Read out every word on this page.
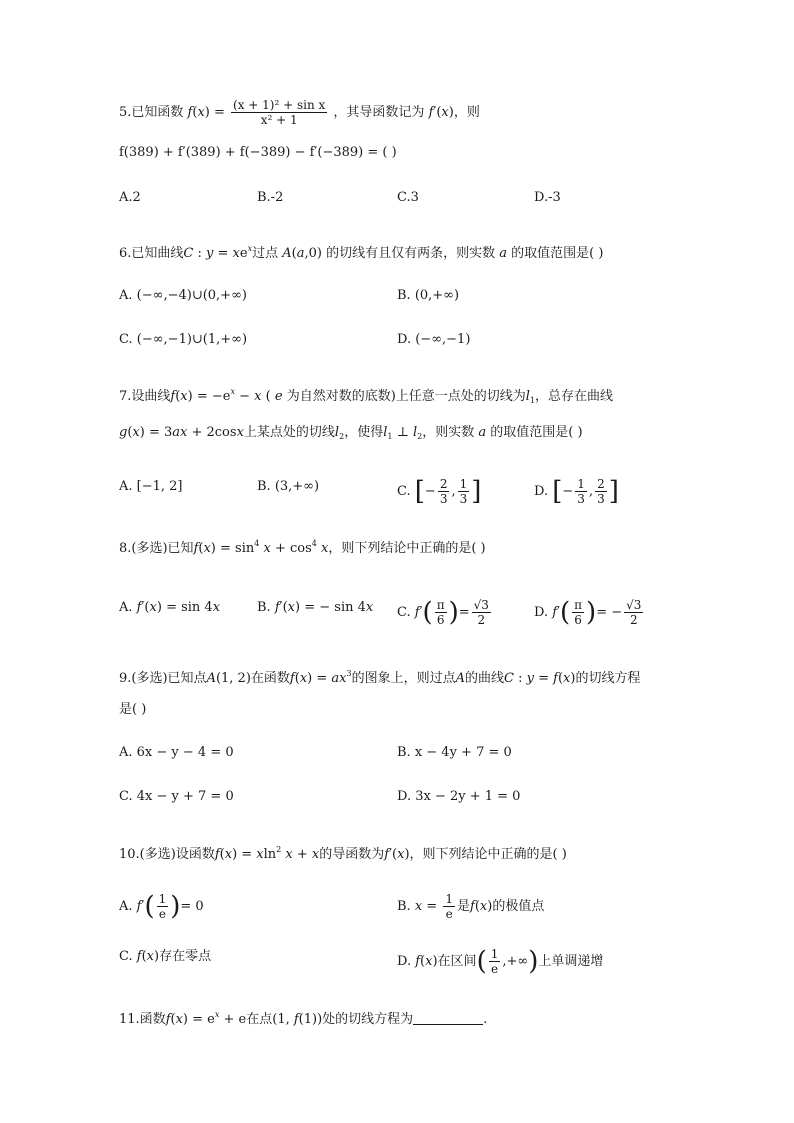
5.已知函数 $f(x) = \frac{\text{(x + 1)² + sin x}}{\text{x² + 1}}$ ，其导函数记为 f′(x)，则
f(389) + f′(389) + f(−389) − f′(−389) = ( )
A.2	B.-2	C.3	D.-3
6.已知曲线C : $y = xe^x$过点 A(a,0) 的切线有且仅有两条，则实数 a 的取值范围是( )
A. (−∞,−4)∪(0,+∞)	B. (0,+∞)
C. (−∞,−1)∪(1,+∞)	D. (−∞,−1)
7.设曲线$f(x) = -e^x - x$ ( e 为自然对数的底数)上任意一点处的切线为$l_1$，总存在曲线
g(x) = 3ax + 2cosx上某点处的切线$l_2$，使得$l_1$ ⊥ $l_2$，则实数 a 的取值范围是( )
A. [−1, 2]	B. (3,+∞)	C. [− $\frac{2}{3}$ , $\frac{1}{3}$ ]	D. [− $\frac{1}{3}$ , $\frac{2}{3}$ ]
8.(多选)已知$f(x) = \sin^4 x + \cos^4 x$，则下列结论中正确的是( )
A. f′(x) = sin 4x	B. f′(x) = − sin 4x C. $f'( \frac{\pi}{6}$ )= $\frac{√3}{2}$	D. $f'( \frac{\pi}{6}$ )= − $\frac{√3}{2}$
9.(多选)已知点A(1, 2)在函数$f(x) = ax^3$的图象上，则过点A的曲线C : y = f(x)的切线方程
是( )
A. 6x − y − 4 = 0	B. x − 4y + 7 = 0
C. 4x − y + 7 = 0	D. 3x − 2y + 1 = 0
10.(多选)设函数f(x) = xln$^2$ x + x的导函数为f′(x)，则下列结论中正确的是( )
A. $f'( \frac{1}{e}$ )= 0	B. $x = \frac{1}{e}$ 是f(x)的极值点
C. f(x)存在零点	D. f(x)在区间( $\frac{1}{e}$ ,+∞)上单调递增
11.函数$f(x) = e^x + e$在点(1, f(1))处的切线方程为	.
